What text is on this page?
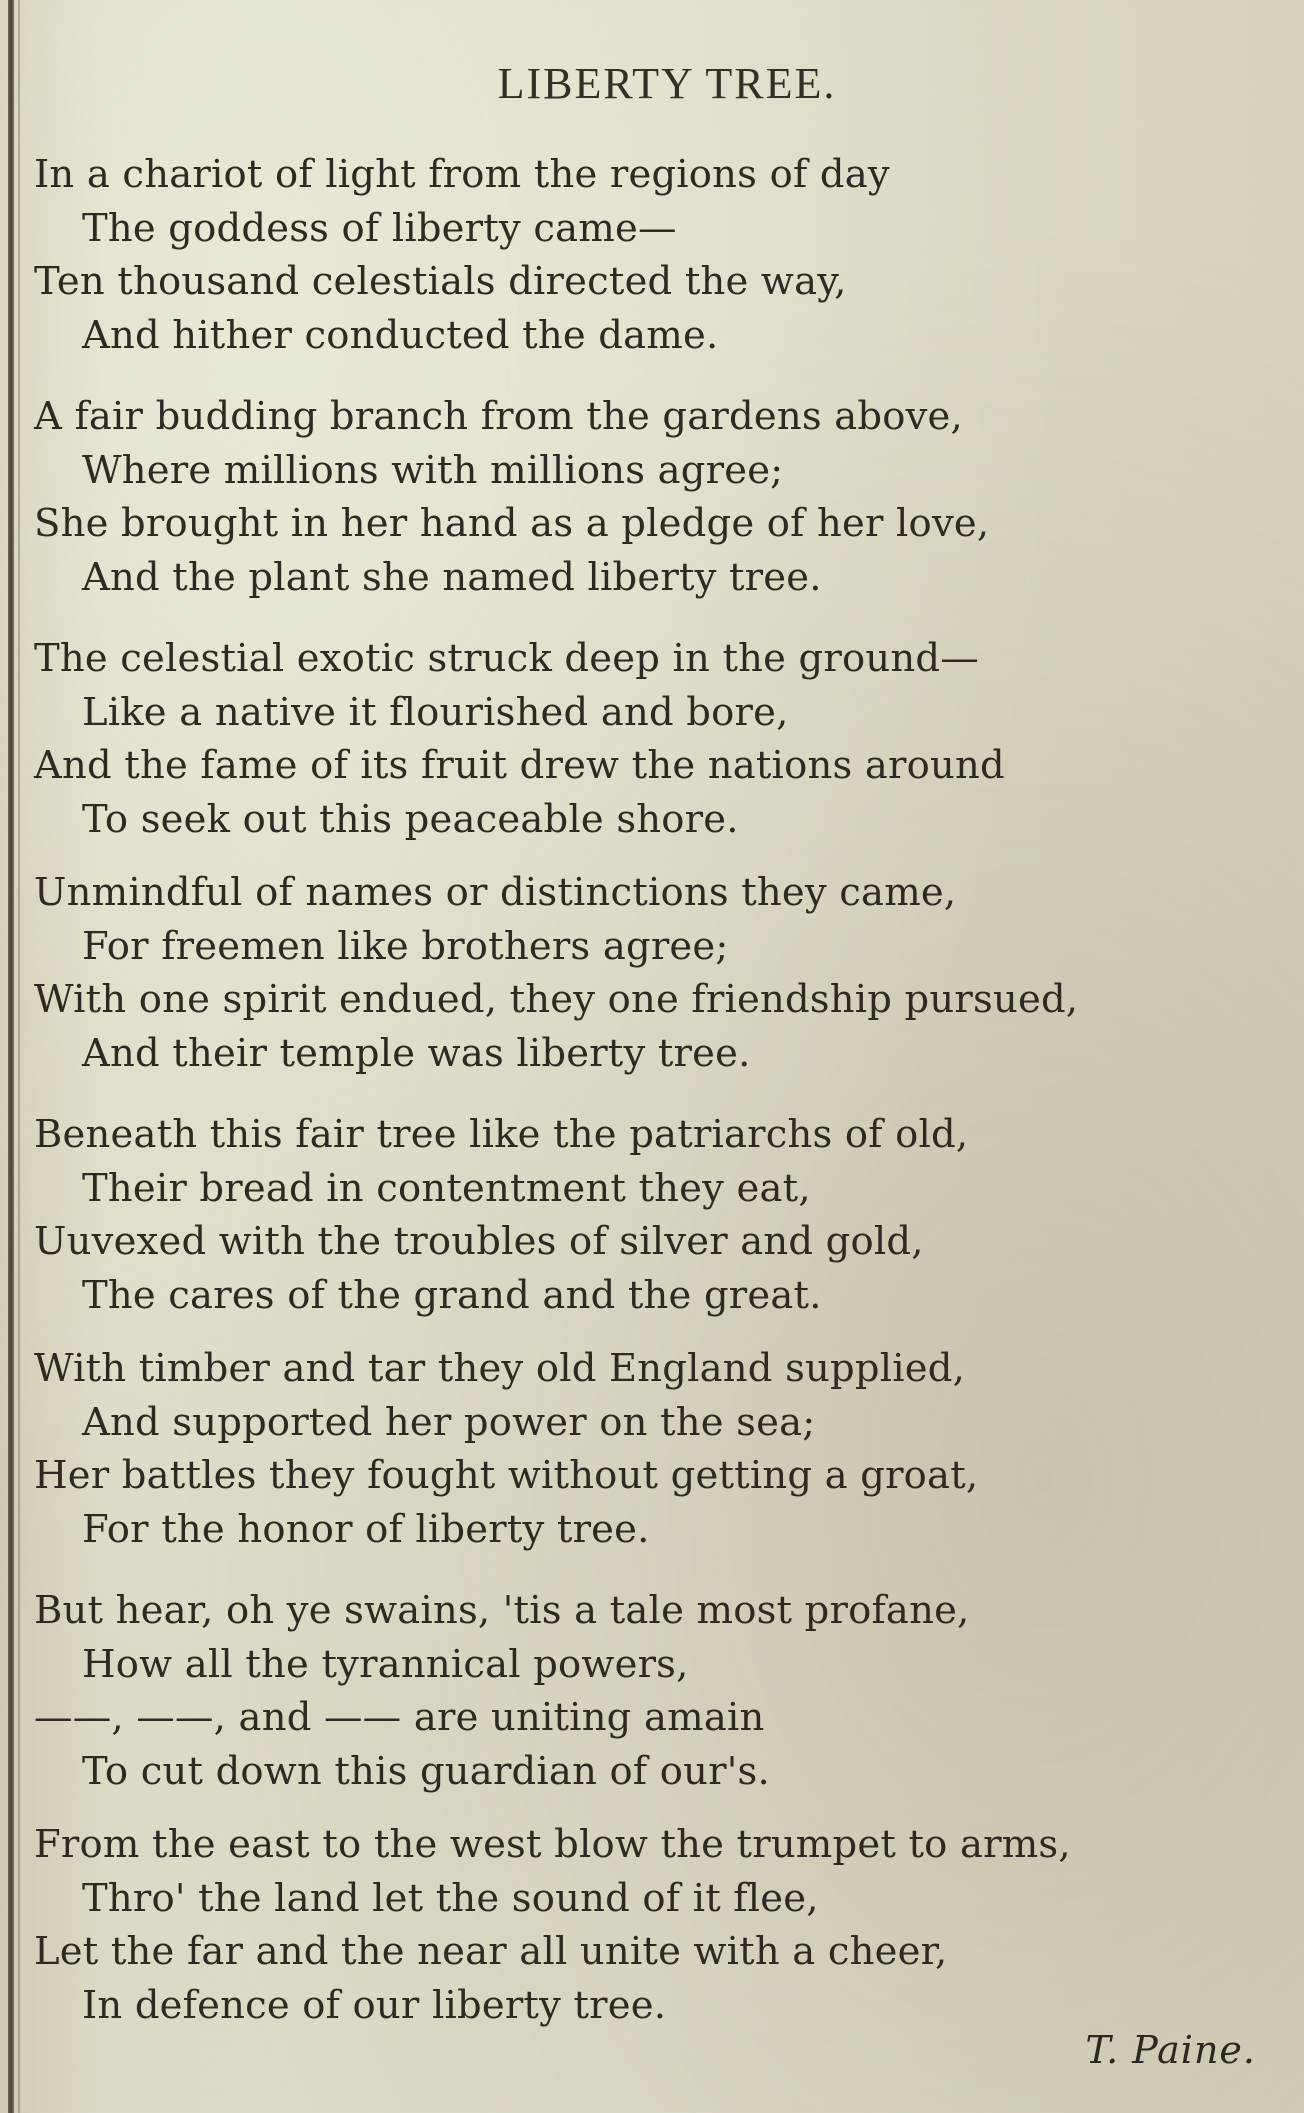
LIBERTY TREE.
In a chariot of light from the regions of day
The goddess of liberty came—
Ten thousand celestials directed the way,
And hither conducted the dame.
A fair budding branch from the gardens above,
Where millions with millions agree;
She brought in her hand as a pledge of her love,
And the plant she named liberty tree.
The celestial exotic struck deep in the ground—
Like a native it flourished and bore,
And the fame of its fruit drew the nations around
To seek out this peaceable shore.
Unmindful of names or distinctions they came,
For freemen like brothers agree;
With one spirit endued, they one friendship pursued,
And their temple was liberty tree.
Beneath this fair tree like the patriarchs of old,
Their bread in contentment they eat,
Uuvexed with the troubles of silver and gold,
The cares of the grand and the great.
With timber and tar they old England supplied,
And supported her power on the sea;
Her battles they fought without getting a groat,
For the honor of liberty tree.
But hear, oh ye swains, 'tis a tale most profane,
How all the tyrannical powers,
——, ——, and —— are uniting amain
To cut down this guardian of our's.
From the east to the west blow the trumpet to arms,
Thro' the land let the sound of it flee,
Let the far and the near all unite with a cheer,
In defence of our liberty tree.
T. Paine.
